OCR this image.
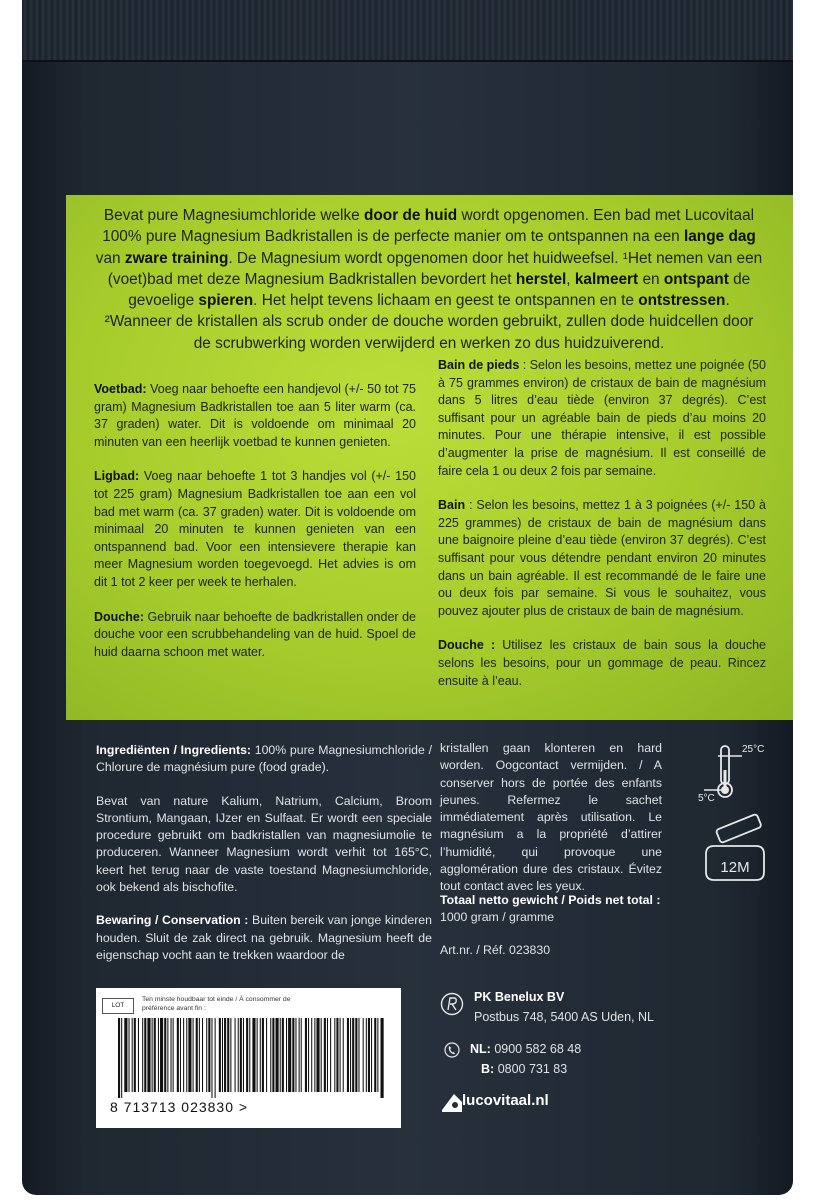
Bevat pure Magnesiumchloride welke door de huid wordt opgenomen. Een bad met Lucovitaal 100% pure Magnesium Badkristallen is de perfecte manier om te ontspannen na een lange dag van zware training. De Magnesium wordt opgenomen door het huidweefsel. ¹Het nemen van een (voet)bad met deze Magnesium Badkristallen bevordert het herstel, kalmeert en ontspant de gevoelige spieren. Het helpt tevens lichaam en geest te ontspannen en te ontstressen. ²Wanneer de kristallen als scrub onder de douche worden gebruikt, zullen dode huidcellen door de scrubwerking worden verwijderd en werken zo dus huidzuiverend.

Voetbad: Voeg naar behoefte een handjevol (+/- 50 tot 75 gram) Magnesium Badkristallen toe aan 5 liter warm (ca. 37 graden) water. Dit is voldoende om minimaal 20 minuten van een heerlijk voetbad te kunnen genieten.

Ligbad: Voeg naar behoefte 1 tot 3 handjes vol (+/- 150 tot 225 gram) Magnesium Badkristallen toe aan een vol bad met warm (ca. 37 graden) water. Dit is voldoende om minimaal 20 minuten te kunnen genieten van een ontspannend bad. Voor een intensievere therapie kan meer Magnesium worden toegevoegd. Het advies is om dit 1 tot 2 keer per week te herhalen.

Douche: Gebruik naar behoefte de badkristallen onder de douche voor een scrubbehandeling van de huid. Spoel de huid daarna schoon met water.

Bain de pieds : Selon les besoins, mettez une poignée (50 à 75 grammes environ) de cristaux de bain de magnésium dans 5 litres d’eau tiède (environ 37 degrés). C’est suffisant pour un agréable bain de pieds d’au moins 20 minutes. Pour une thérapie intensive, il est possible d’augmenter la prise de magnésium. Il est conseillé de faire cela 1 ou deux 2 fois par semaine.

Bain : Selon les besoins, mettez 1 à 3 poignées (+/- 150 à 225 grammes) de cristaux de bain de magnésium dans une baignoire pleine d’eau tiède (environ 37 degrés). C’est suffisant pour vous détendre pendant environ 20 minutes dans un bain agréable. Il est recommandé de le faire une ou deux fois par semaine. Si vous le souhaitez, vous pouvez ajouter plus de cristaux de bain de magnésium.

Douche : Utilisez les cristaux de bain sous la douche selons les besoins, pour un gommage de peau. Rincez ensuite à l’eau.

Ingrediënten / Ingredients: 100% pure Magnesiumchloride / Chlorure de magnésium pure (food grade).

Bevat van nature Kalium, Natrium, Calcium, Broom Strontium, Mangaan, IJzer en Sulfaat. Er wordt een speciale procedure gebruikt om badkristallen van magnesiumolie te produceren. Wanneer Magnesium wordt verhit tot 165°C, keert het terug naar de vaste toestand Magnesiumchloride, ook bekend als bischofite.

Bewaring / Conservation : Buiten bereik van jonge kinderen houden. Sluit de zak direct na gebruik. Magnesium heeft de eigenschap vocht aan te trekken waardoor de

kristallen gaan klonteren en hard worden. Oogcontact vermijden. / A conserver hors de portée des enfants jeunes. Refermez le sachet immédiatement après utilisation. Le magnésium a la propriété d’attirer l’humidité, qui provoque une agglomération dure des cristaux. Évitez tout contact avec les yeux.

Totaal netto gewicht / Poids net total :
1000 gram / gramme
Art.nr. / Réf. 023830
25°C
5°C
12M
LOT
Ten minste houdbaar tot einde / À consommer de préférence avant fin :
8 713713 023830 >
PK Benelux BV
Postbus 748, 5400 AS Uden, NL
NL: 0900 582 68 48
B: 0800 731 83
lucovitaal.nl
